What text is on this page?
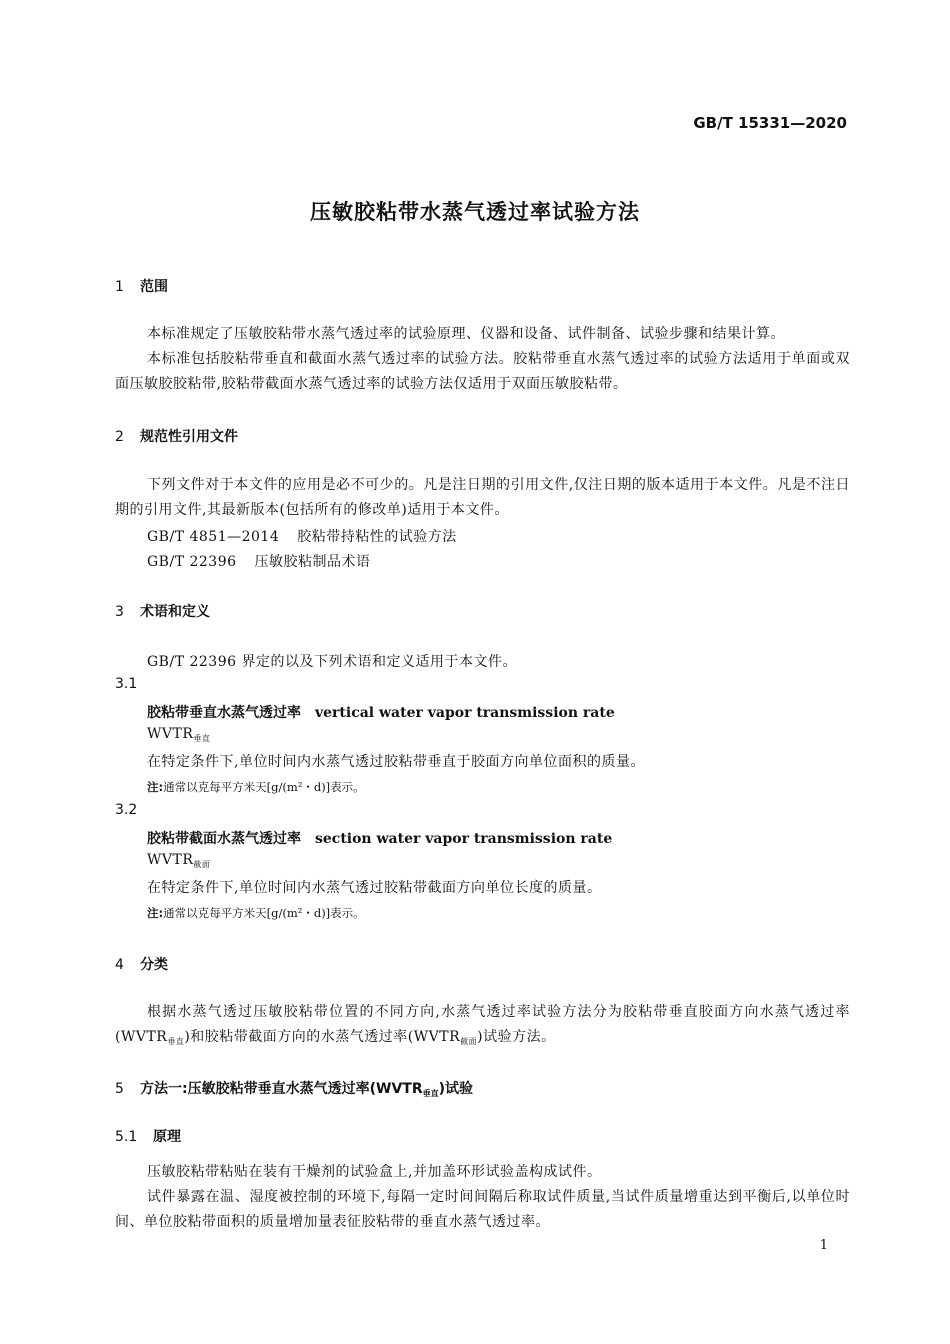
GB/T 15331—2020
压敏胶粘带水蒸气透过率试验方法
1 范围
本标准规定了压敏胶粘带水蒸气透过率的试验原理、仪器和设备、试件制备、试验步骤和结果计算。
本标准包括胶粘带垂直和截面水蒸气透过率的试验方法。胶粘带垂直水蒸气透过率的试验方法适用于单面或双面压敏胶胶粘带,胶粘带截面水蒸气透过率的试验方法仅适用于双面压敏胶粘带。
2 规范性引用文件
下列文件对于本文件的应用是必不可少的。凡是注日期的引用文件,仅注日期的版本适用于本文件。凡是不注日期的引用文件,其最新版本(包括所有的修改单)适用于本文件。
GB/T 4851—2014 胶粘带持粘性的试验方法
GB/T 22396 压敏胶粘制品术语
3 术语和定义
GB/T 22396 界定的以及下列术语和定义适用于本文件。
3.1
胶粘带垂直水蒸气透过率 vertical water vapor transmission rate
$WVTR_{垂直}$
在特定条件下,单位时间内水蒸气透过胶粘带垂直于胶面方向单位面积的质量。
注:通常以克每平方米天[g/(m²・d)]表示。
3.2
胶粘带截面水蒸气透过率 section water vapor transmission rate
$WVTR_{截面}$
在特定条件下,单位时间内水蒸气透过胶粘带截面方向单位长度的质量。
注:通常以克每平方米天[g/(m²・d)]表示。
4 分类
根据水蒸气透过压敏胶粘带位置的不同方向,水蒸气透过率试验方法分为胶粘带垂直胶面方向水蒸气透过率$(WVTR_{垂直})$和胶粘带截面方向的水蒸气透过率$(WVTR_{截面})$试验方法。
5 方法一:压敏胶粘带垂直水蒸气透过率$(WVTR_{垂直})$试验
5.1 原理
压敏胶粘带粘贴在装有干燥剂的试验盒上,并加盖环形试验盖构成试件。
试件暴露在温、湿度被控制的环境下,每隔一定时间间隔后称取试件质量,当试件质量增重达到平衡后,以单位时间、单位胶粘带面积的质量增加量表征胶粘带的垂直水蒸气透过率。
1
